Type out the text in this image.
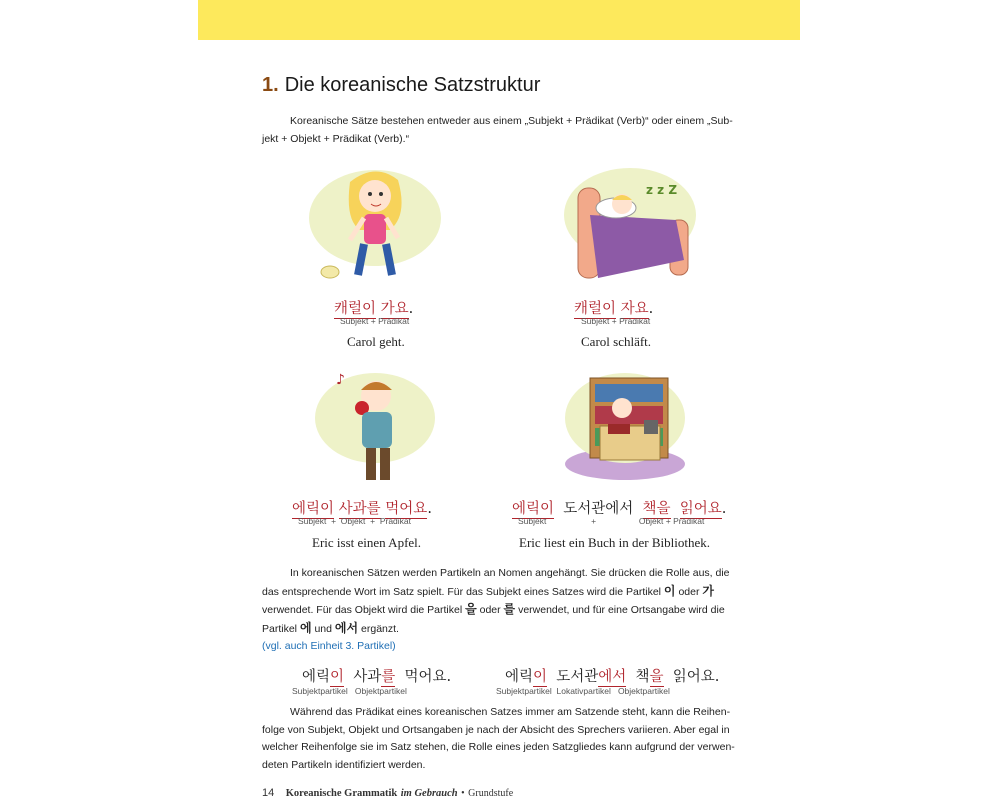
1. Die koreanische Satzstruktur
Koreanische Sätze bestehen entweder aus einem „Subjekt + Prädikat (Verb)“ oder einem „Sub-
jekt + Objekt + Prädikat (Verb).“
z z Z
♪
캐럴이 가요.
Subjekt + Prädikat
Carol geht.
캐럴이 자요.
Subjekt + Prädikat
Carol schläft.
에릭이 사과를 먹어요.
Subjekt + Objekt + Prädikat
Eric isst einen Apfel.
에릭이 도서관에서 책을 읽어요.
Subjekt	+	Objekt + Prädikat
Eric liest ein Buch in der Bibliothek.
In koreanischen Sätzen werden Partikeln an Nomen angehängt. Sie drücken die Rolle aus, die
das entsprechende Wort im Satz spielt. Für das Subjekt eines Satzes wird die Partikel 이 oder 가
verwendet. Für das Objekt wird die Partikel 을 oder 를 verwendet, und für eine Ortsangabe wird die
Partikel 에 und 에서 ergänzt.
(vgl. auch Einheit 3. Partikel)
에릭이 사과를 먹어요.
Subjektpartikel Objektpartikel
에릭이 도서관에서 책을 읽어요.
Subjektpartikel Lokativpartikel Objektpartikel
Während das Prädikat eines koreanischen Satzes immer am Satzende steht, kann die Reihen-
folge von Subjekt, Objekt und Ortsangaben je nach der Absicht des Sprechers variieren. Aber egal in
welcher Reihenfolge sie im Satz stehen, die Rolle eines jeden Satzgliedes kann aufgrund der verwen-
deten Partikeln identifiziert werden.
14 Koreanische Grammatik im Gebrauch • Grundstufe
